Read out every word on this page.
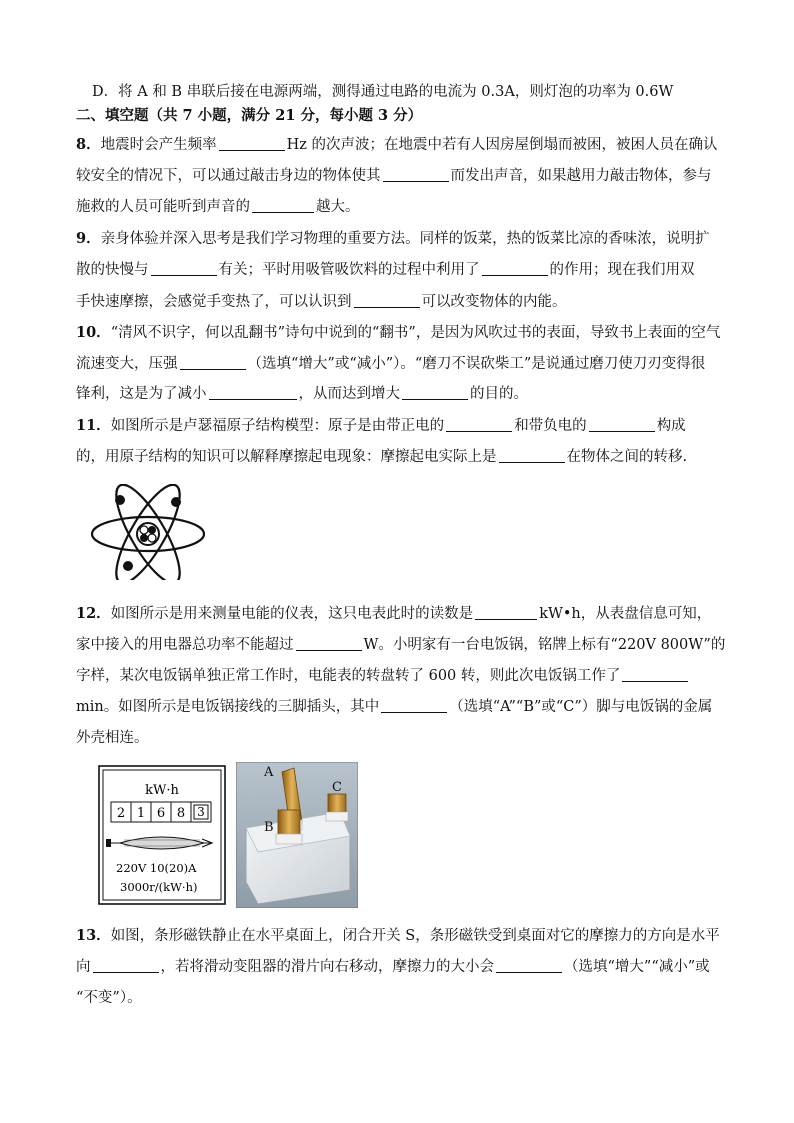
D．将 A 和 B 串联后接在电源两端，测得通过电路的电流为 0.3A，则灯泡的功率为 0.6W
二、填空题（共 7 小题，满分 21 分，每小题 3 分）
8．地震时会产生频率	Hz 的次声波；在地震中若有人因房屋倒塌而被困，被困人员在确认
较安全的情况下，可以通过敲击身边的物体使其	而发出声音，如果越用力敲击物体，参与
施救的人员可能听到声音的	越大。
9．亲身体验并深入思考是我们学习物理的重要方法。同样的饭菜，热的饭菜比凉的香味浓，说明扩
散的快慢与	有关；平时用吸管吸饮料的过程中利用了	的作用；现在我们用双
手快速摩擦，会感觉手变热了，可以认识到	可以改变物体的内能。
10．“清风不识字，何以乱翻书”诗句中说到的“翻书”，是因为风吹过书的表面，导致书上表面的空气
流速变大，压强	（选填“增大”或“减小”）。“磨刀不误砍柴工”是说通过磨刀使刀刃变得很
锋利，这是为了减小	，从而达到增大	的目的。
11．如图所示是卢瑟福原子结构模型：原子是由带正电的	和带负电的	构成
的，用原子结构的知识可以解释摩擦起电现象：摩擦起电实际上是	在物体之间的转移.
12．如图所示是用来测量电能的仪表，这只电表此时的读数是	kW•h，从表盘信息可知，
家中接入的用电器总功率不能超过	W。小明家有一台电饭锅，铭牌上标有“220V 800W”的
字样，某次电饭锅单独正常工作时，电能表的转盘转了 600 转，则此次电饭锅工作了
min。如图所示是电饭锅接线的三脚插头，其中	（选填“A”“B”或“C”）脚与电饭锅的金属
外壳相连。
kW·h
2 1 6 8 3
220V 10(20)A
3000r/(kW·h)
A
B
C
13．如图，条形磁铁静止在水平桌面上，闭合开关 S，条形磁铁受到桌面对它的摩擦力的方向是水平
向	，若将滑动变阻器的滑片向右移动，摩擦力的大小会	（选填“增大”“减小”或
“不变”）。
